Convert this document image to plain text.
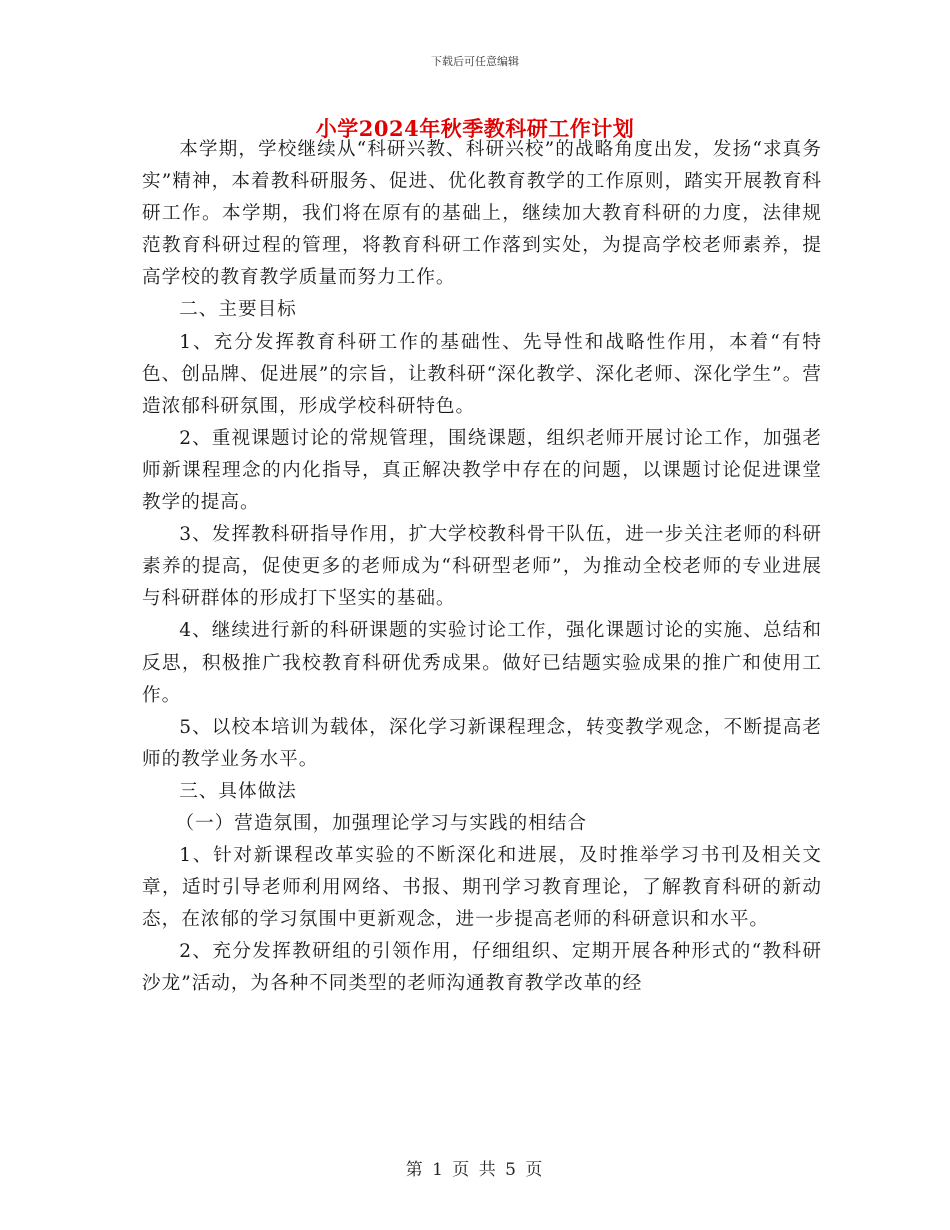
下载后可任意编辑
小学2024年秋季教科研工作计划

本学期，学校继续从“科研兴教、科研兴校”的战略角度出发，发扬“求真务实”精神，本着教科研服务、促进、优化教育教学的工作原则，踏实开展教育科研工作。本学期，我们将在原有的基础上，继续加大教育科研的力度，法律规范教育科研过程的管理，将教育科研工作落到实处，为提高学校老师素养，提高学校的教育教学质量而努力工作。

二、主要目标

1、充分发挥教育科研工作的基础性、先导性和战略性作用，本着“有特色、创品牌、促进展”的宗旨，让教科研“深化教学、深化老师、深化学生”。营造浓郁科研氛围，形成学校科研特色。

2、重视课题讨论的常规管理，围绕课题，组织老师开展讨论工作，加强老师新课程理念的内化指导，真正解决教学中存在的问题，以课题讨论促进课堂教学的提高。

3、发挥教科研指导作用，扩大学校教科骨干队伍，进一步关注老师的科研素养的提高，促使更多的老师成为“科研型老师”，为推动全校老师的专业进展与科研群体的形成打下坚实的基础。

4、继续进行新的科研课题的实验讨论工作，强化课题讨论的实施、总结和反思，积极推广我校教育科研优秀成果。做好已结题实验成果的推广和使用工作。

5、以校本培训为载体，深化学习新课程理念，转变教学观念，不断提高老师的教学业务水平。

三、具体做法

（一）营造氛围，加强理论学习与实践的相结合

1、针对新课程改革实验的不断深化和进展，及时推举学习书刊及相关文章，适时引导老师利用网络、书报、期刊学习教育理论，了解教育科研的新动态，在浓郁的学习氛围中更新观念，进一步提高老师的科研意识和水平。

2、充分发挥教研组的引领作用，仔细组织、定期开展各种形式的“教科研沙龙”活动，为各种不同类型的老师沟通教育教学改革的经

第 1 页 共 5 页
